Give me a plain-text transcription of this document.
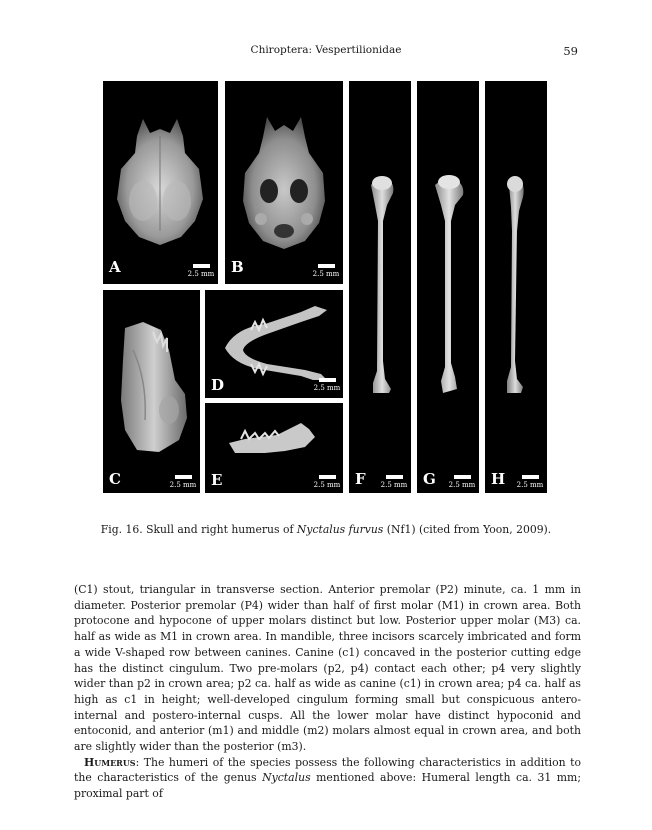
Chiroptera: Vespertilionidae	59
A	2.5 mm	B	2.5 mm
C	2.5 mm
D	2.5 mm
E	2.5 mm F	2.5 mm	G	2.5 mm	H	2.5 mm
Fig. 16. Skull and right humerus of Nyctalus furvus (Nf1) (cited from Yoon, 2009).

(C1) stout, triangular in transverse section. Anterior premolar (P2) minute, ca. 1 mm in diameter. Posterior premolar (P4) wider than half of first molar (M1) in crown area. Both protocone and hypocone of upper molars distinct but low. Posterior upper molar (M3) ca. half as wide as M1 in crown area. In mandible, three incisors scarcely imbricated and form a wide V-shaped row between canines. Canine (c1) concaved in the posterior cutting edge has the distinct cingulum. Two pre-molars (p2, p4) contact each other; p4 very slightly wider than p2 in crown area; p2 ca. half as wide as canine (c1) in crown area; p4 ca. half as high as c1 in height; well-developed cingulum forming small but conspicuous antero-internal and postero-internal cusps. All the lower molar have distinct hypoconid and entoconid, and anterior (m1) and middle (m2) molars almost equal in crown area, and both are slightly wider than the posterior (m3).

Humerus: The humeri of the species possess the following characteristics in addition to the characteristics of the genus Nyctalus mentioned above: Humeral length ca. 31 mm; proximal part of
